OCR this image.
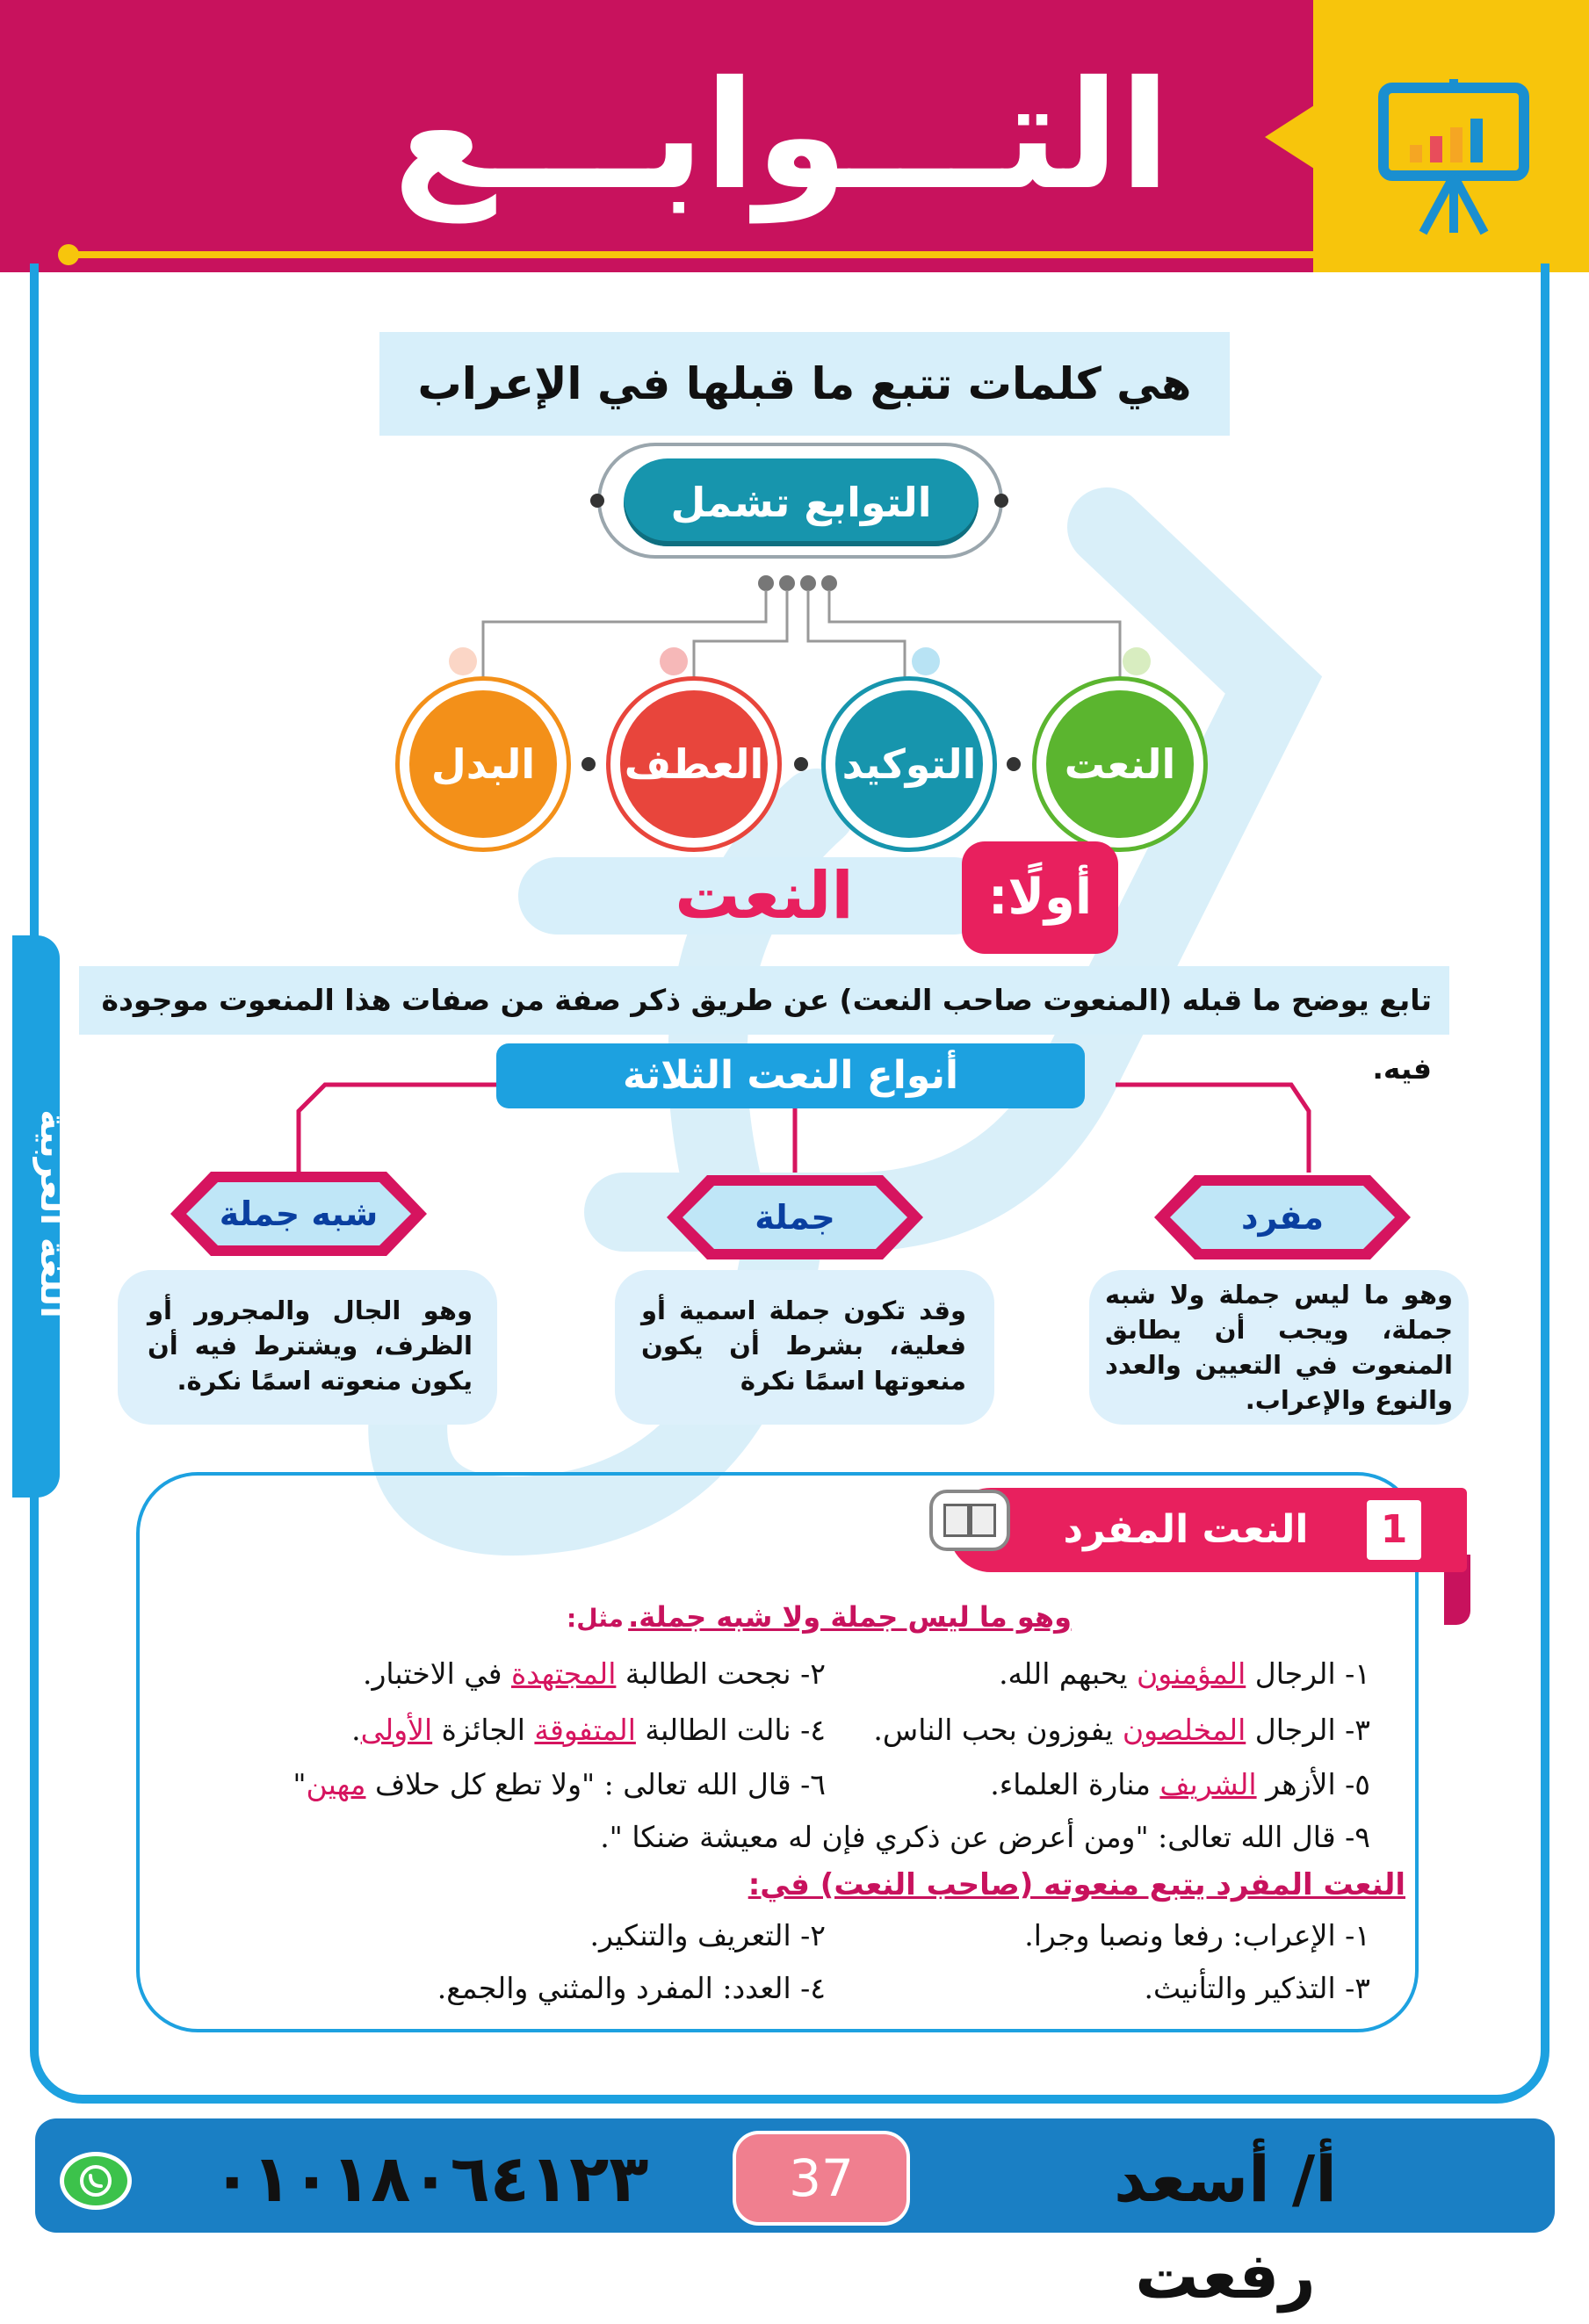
التـــوابـــع
اللغة العربية
هي كلمات تتبع ما قبلها في الإعراب
التوابع تشمل
البدل	العطف التوكيد	النعت
النعت	أولًا:
تابع يوضح ما قبله (المنعوت صاحب النعت) عن طريق ذكر صفة من صفات هذا المنعوت موجودة فيه.
أنواع النعت الثلاثة
مفرد
جملة
شبه جملة
وهو ما ليس جملة ولا شبه جملة، ويجب أن يطابق المنعوت في التعيين والعدد والنوع والإعراب.
وقد تكون جملة اسمية أو فعلية، بشرط أن يكون منعوتها اسمًا نكرة
وهو الجال والمجرور أو الظرف، ويشترط فيه أن يكون منعوته اسمًا نكرة.
1
النعت المفرد
وهو ما ليس جملة ولا شبه جملة. مثل:
١- الرجال المؤمنون يحبهم الله.
٣- الرجال المخلصون يفوزون بحب الناس.
٥- الأزهر الشريف منارة العلماء.
٢- نجحت الطالبة المجتهدة في الاختبار.
٤- نالت الطالبة المتفوقة الجائزة الأولى.
٦- قال الله تعالى : "ولا تطع كل حلاف مهين"
٩- قال الله تعالى: "ومن أعرض عن ذكري فإن له معيشة ضنكا ".
النعت المفرد يتبع منعوته (صاحب النعت) في:
١- الإعراب: رفعا ونصبا وجرا.
٢- التعريف والتنكير.
٣- التذكير والتأنيث.
٤- العدد: المفرد والمثني والجمع.
٠١٠١٨٠٦٤١٢٣	37	أ/ أسعد رفعت
